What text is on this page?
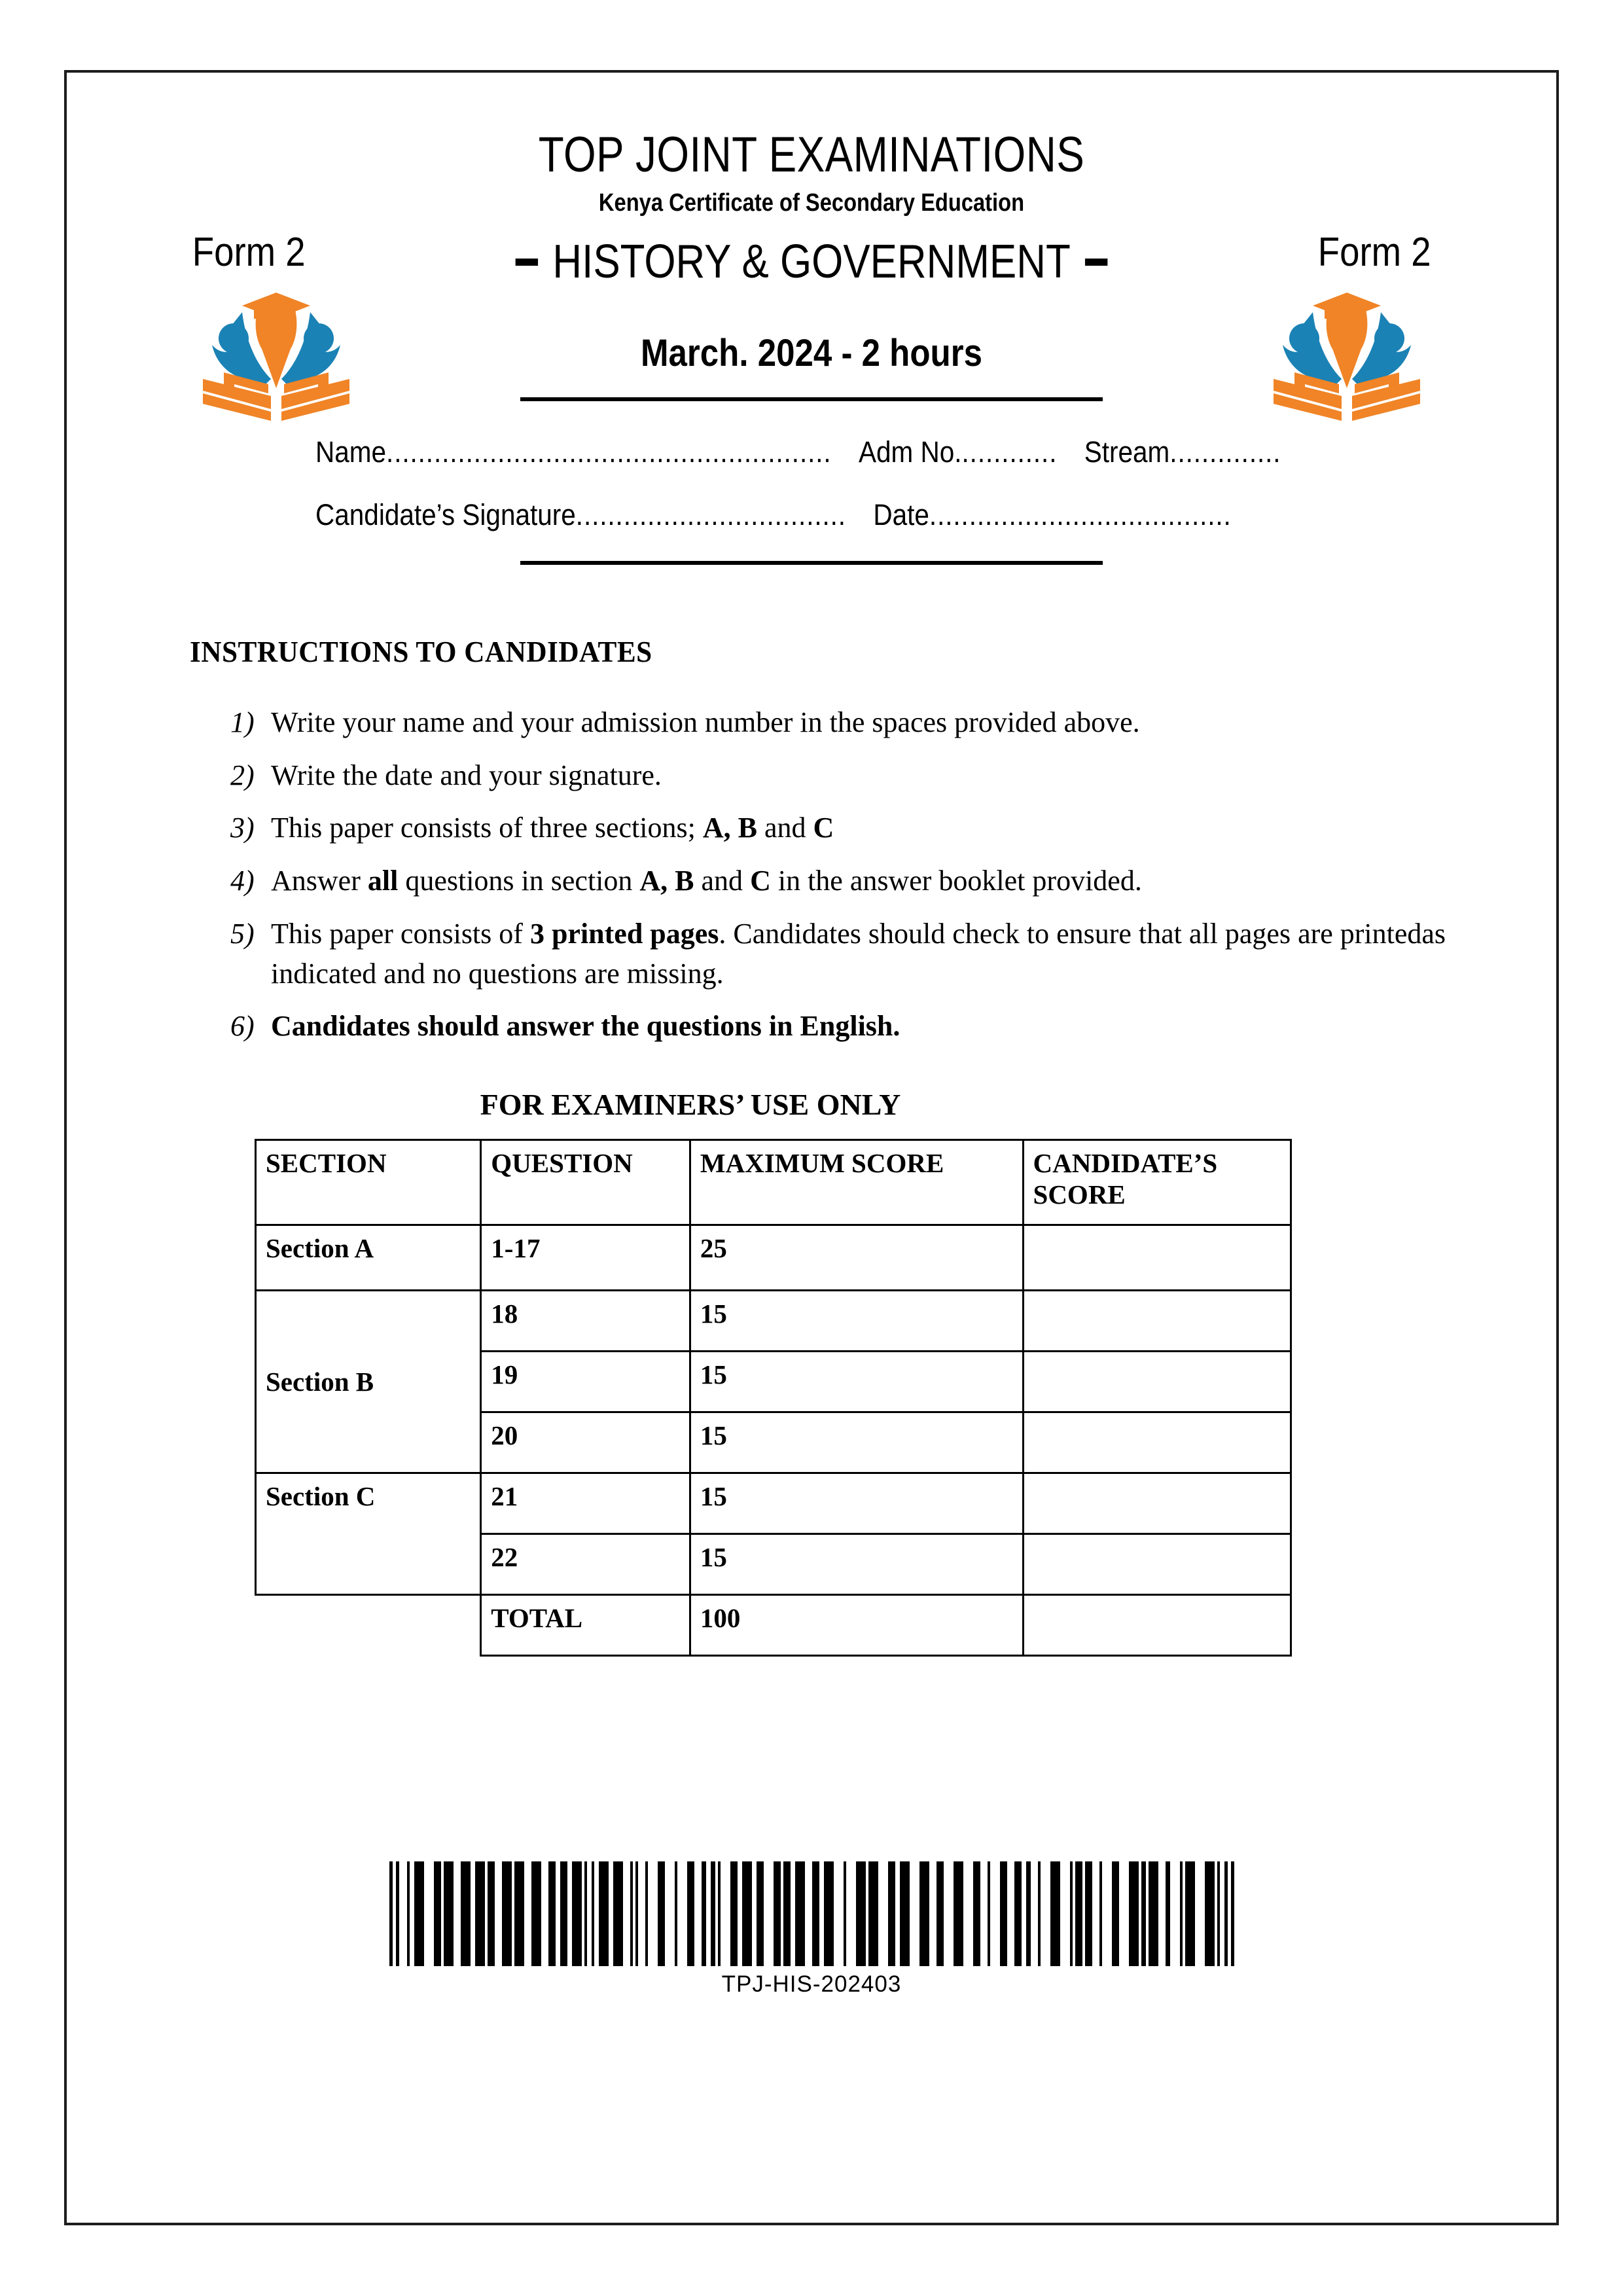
TOP JOINT EXAMINATIONS
Kenya Certificate of Secondary Education
Form 2	HISTORY & GOVERNMENT	Form 2
March. 2024 - 2 hours
Name ........................................................ Adm No. ............ Stream ..............
Candidate’s Signature .................................. Date ......................................
INSTRUCTIONS TO CANDIDATES
1) Write your name and your admission number in the spaces provided above.
2) Write the date and your signature.
3) This paper consists of three sections; A, B and C
4) Answer all questions in section A, B and C in the answer booklet provided.
5) This paper consists of 3 printed pages. Candidates should check to ensure that all pages are printedas indicated and no questions are missing.
6) Candidates should answer the questions in English.
FOR EXAMINERS’ USE ONLY
SECTION	QUESTION	MAXIMUM SCORE	CANDIDATE’S SCORE
Section A	1-17	25	
Section B	18	15	
	19	15	
	20	15	
Section C	21	15	
	22	15	
	TOTAL	100	
TPJ-HIS-202403
